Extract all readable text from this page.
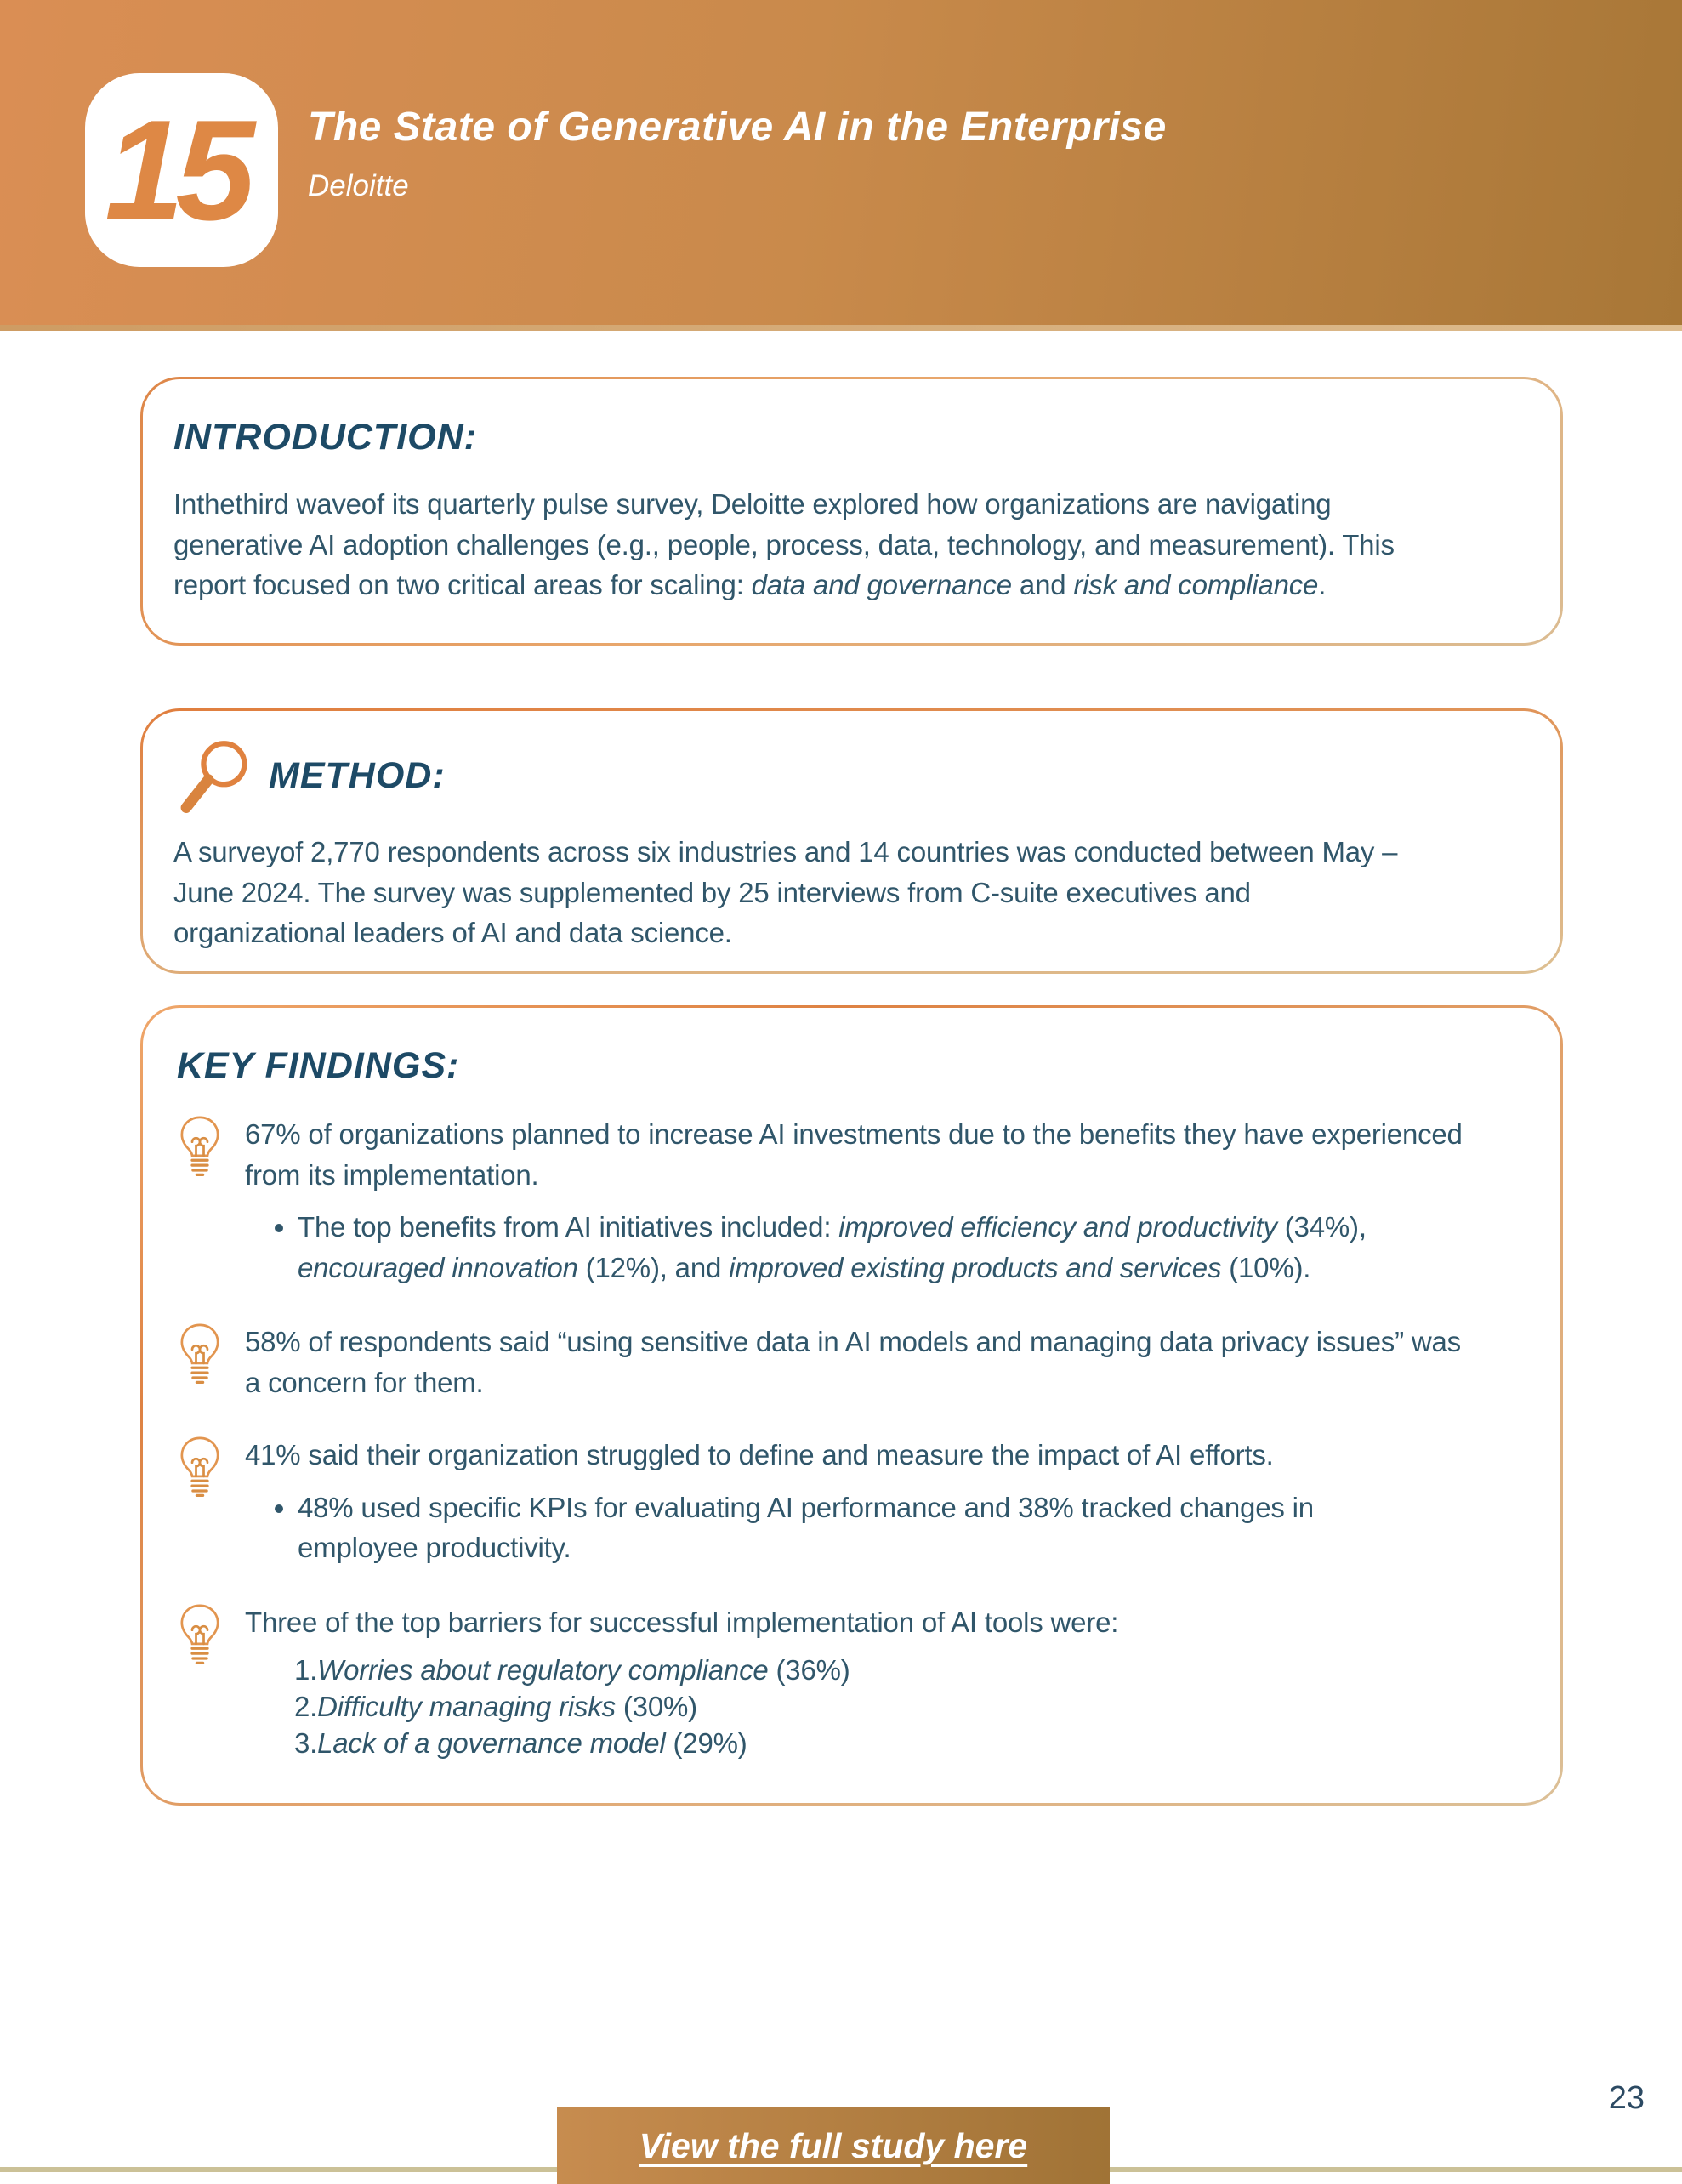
15 The State of Generative AI in the Enterprise
Deloitte
INTRODUCTION:

Inthethird waveof its quarterly pulse survey, Deloitte explored how organizations are navigating generative AI adoption challenges (e.g., people, process, data, technology, and measurement). This report focused on two critical areas for scaling: data and governance and risk and compliance.

METHOD:

A surveyof 2,770 respondents across six industries and 14 countries was conducted between May – June 2024. The survey was supplemented by 25 interviews from C-suite executives and organizational leaders of AI and data science.

KEY FINDINGS:

67% of organizations planned to increase AI investments due to the benefits they have experienced from its implementation.

• The top benefits from AI initiatives included: improved efficiency and productivity (34%), encouraged innovation (12%), and improved existing products and services (10%).

58% of respondents said “using sensitive data in AI models and managing data privacy issues” was a concern for them.

41% said their organization struggled to define and measure the impact of AI efforts.

• 48% used specific KPIs for evaluating AI performance and 38% tracked changes in employee productivity.

Three of the top barriers for successful implementation of AI tools were:

1.Worries about regulatory compliance (36%)
2.Difficulty managing risks (30%)
3.Lack of a governance model (29%)
23
View the full study here
